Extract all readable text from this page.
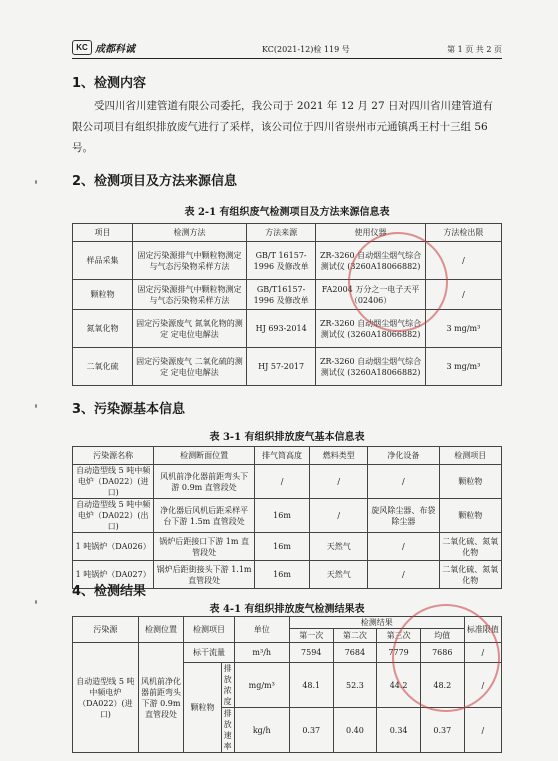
KC 成都科诚	KC(2021-12)检 119 号	第 1 页 共 2 页
1、检测内容
受四川省川建管道有限公司委托，我公司于 2021 年 12 月 27 日对四川省川建管道有限公司项目有组织排放废气进行了采样，该公司位于四川省崇州市元通镇禹王村十三组 56 号。
2、检测项目及方法来源信息
表 2-1 有组织废气检测项目及方法来源信息表
项目	检测方法	方法来源	使用仪器	方法检出限
样品采集	固定污染源排气中颗粒物测定与气态污染物采样方法	GB/T 16157-1996 及修改单	ZR-3260 自动烟尘烟气综合测试仪 (3260A18066882)	/
颗粒物	固定污染源排气中颗粒物测定与气态污染物采样方法	GB/T16157-1996 及修改单	FA2004 万分之一电子天平（02406）	/
氮氧化物	固定污染源废气 氮氧化物的测定 定电位电解法	HJ 693-2014	ZR-3260 自动烟尘烟气综合测试仪 (3260A18066882)	3 mg/m³
二氧化硫	固定污染源废气 二氧化硫的测定 定电位电解法	HJ 57-2017	ZR-3260 自动烟尘烟气综合测试仪 (3260A18066882)	3 mg/m³
3、污染源基本信息
表 3-1 有组织排放废气基本信息表
污染源名称	检测断面位置	排气筒高度	燃料类型	净化设备	检测项目
自动造型线 5 吨中频电炉（DA022）(进口)	风机前净化器前距弯头下游 0.9m 直管段处	/	/	/	颗粒物
自动造型线 5 吨中频电炉（DA022）(出口)	净化器后风机后距采样平台下游 1.5m 直管段处	16m	/	旋风除尘器、布袋除尘器	颗粒物
1 吨锅炉（DA026）	锅炉后距接口下游 1m 直管段处	16m	天然气	/	二氧化硫、氮氧化物
1 吨锅炉（DA027）	锅炉后距街接头下游 1.1m 直管段处	16m	天然气	/	二氧化硫、氮氧化物
4、检测结果
表 4-1 有组织排放废气检测结果表
污染源	检测位置	检测项目		单位	检测结果				标准限值
					第一次	第二次	第三次	均值	
自动造型线 5 吨中频电炉（DA022）(进口)	风机前净化器前距弯头下游 0.9m 直管段处	标干流量		m³/h	7594	7684	7779	7686	/
		颗粒物	排放浓度	mg/m³	48.1	52.3	44.2	48.2	/
			排放速率	kg/h	0.37	0.40	0.34	0.37	/
